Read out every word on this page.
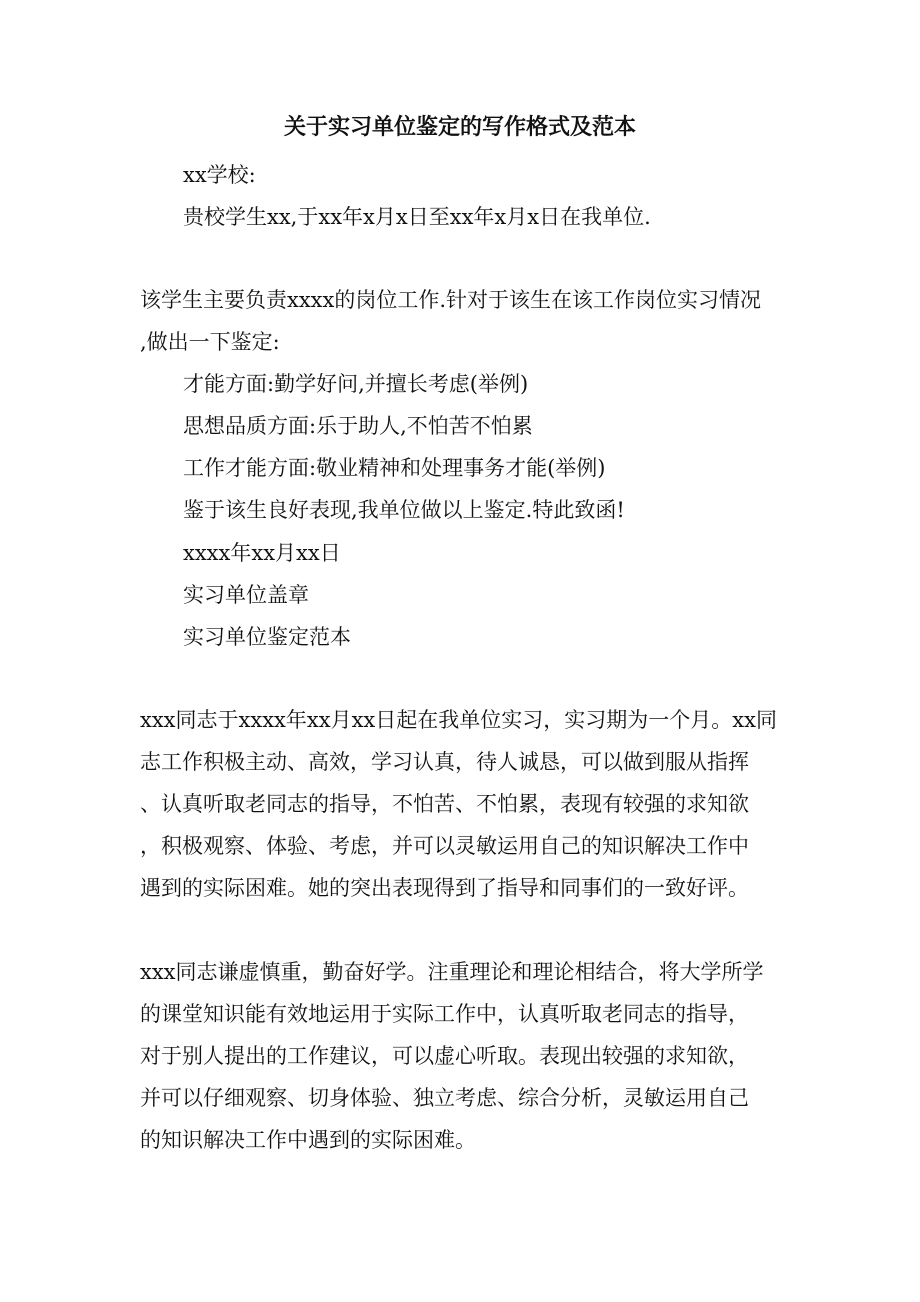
关于实习单位鉴定的写作格式及范本
xx学校:
贵校学生xx,于xx年x月x日至xx年x月x日在我单位.
该学生主要负责xxxx的岗位工作.针对于该生在该工作岗位实习情况
,做出一下鉴定:
才能方面:勤学好问,并擅长考虑(举例)
思想品质方面:乐于助人,不怕苦不怕累
工作才能方面:敬业精神和处理事务才能(举例)
鉴于该生良好表现,我单位做以上鉴定.特此致函!
xxxx年xx月xx日
实习单位盖章
实习单位鉴定范本
xxx同志于xxxx年xx月xx日起在我单位实习，实习期为一个月。xx同
志工作积极主动、高效，学习认真，待人诚恳，可以做到服从指挥
、认真听取老同志的指导，不怕苦、不怕累，表现有较强的求知欲
，积极观察、体验、考虑，并可以灵敏运用自己的知识解决工作中
遇到的实际困难。她的突出表现得到了指导和同事们的一致好评。
xxx同志谦虚慎重，勤奋好学。注重理论和理论相结合，将大学所学
的课堂知识能有效地运用于实际工作中，认真听取老同志的指导，
对于别人提出的工作建议，可以虚心听取。表现出较强的求知欲，
并可以仔细观察、切身体验、独立考虑、综合分析，灵敏运用自己
的知识解决工作中遇到的实际困难。
